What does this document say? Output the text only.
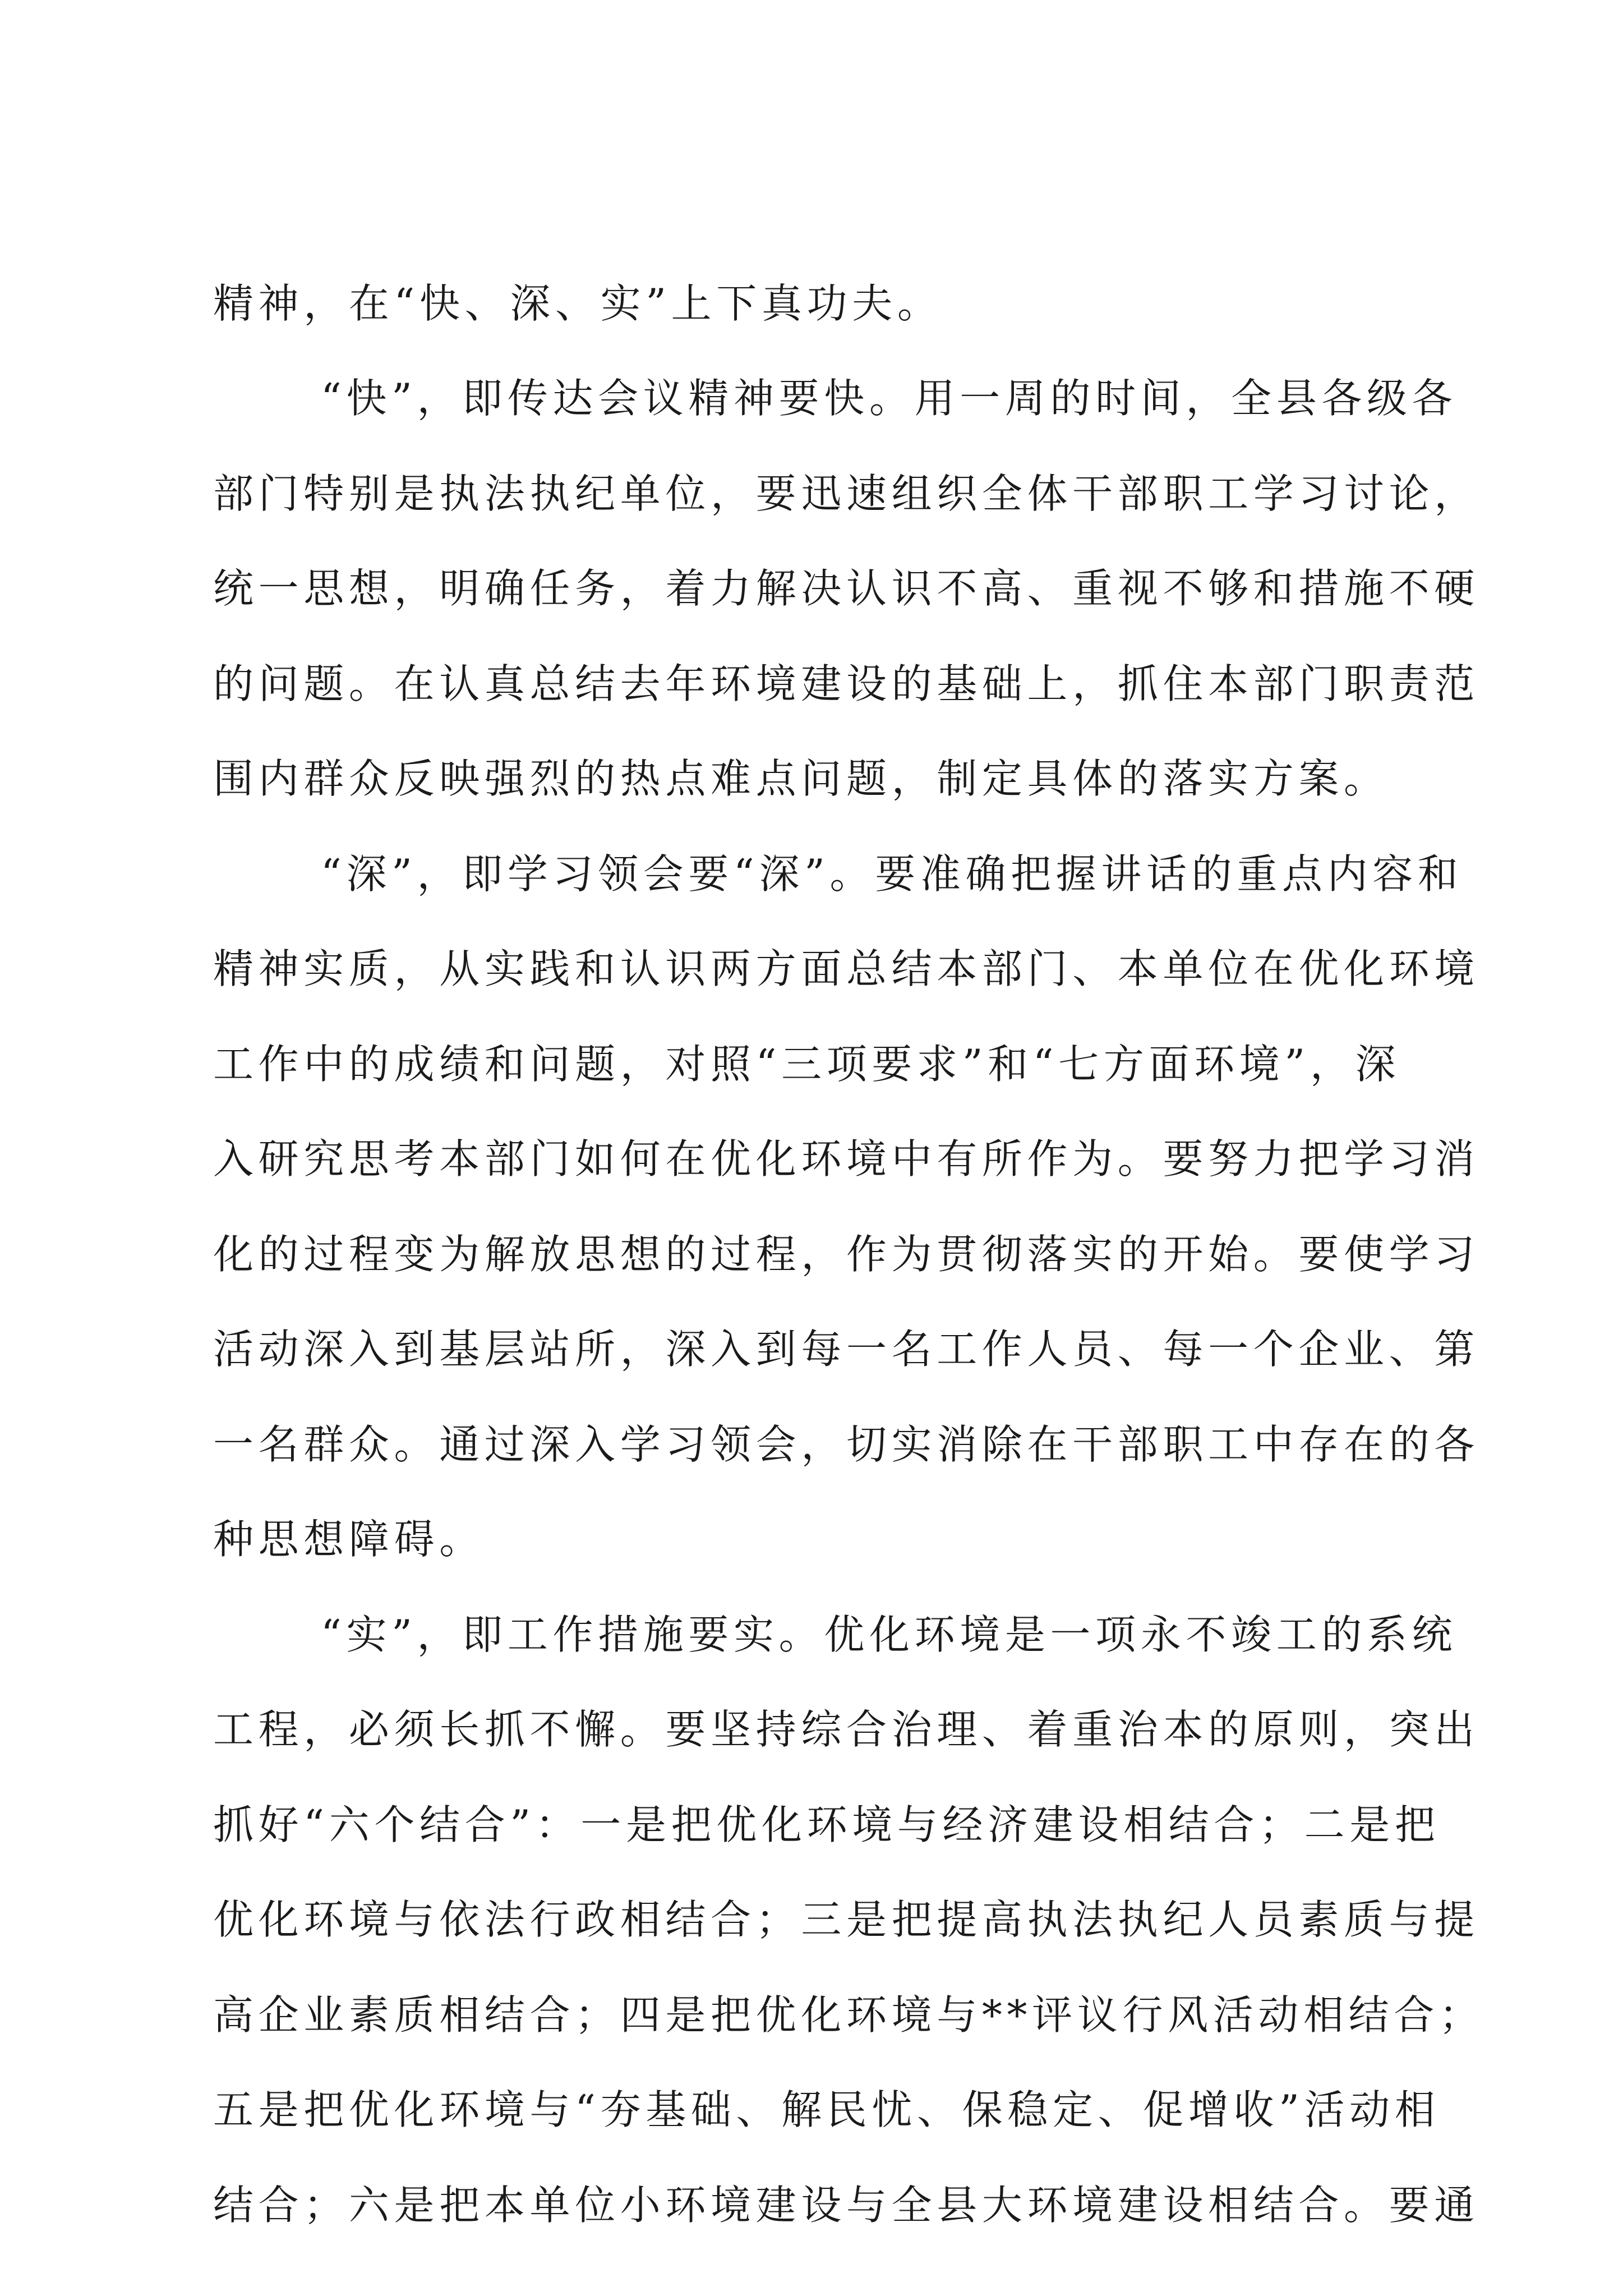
精神，在“快、深、实”上下真功夫。
“快”，即传达会议精神要快。用一周的时间，全县各级各
部门特别是执法执纪单位，要迅速组织全体干部职工学习讨论，
统一思想，明确任务，着力解决认识不高、重视不够和措施不硬
的问题。在认真总结去年环境建设的基础上，抓住本部门职责范
围内群众反映强烈的热点难点问题，制定具体的落实方案。
“深”，即学习领会要“深”。要准确把握讲话的重点内容和
精神实质，从实践和认识两方面总结本部门、本单位在优化环境
工作中的成绩和问题，对照“三项要求”和“七方面环境”，深
入研究思考本部门如何在优化环境中有所作为。要努力把学习消
化的过程变为解放思想的过程，作为贯彻落实的开始。要使学习
活动深入到基层站所，深入到每一名工作人员、每一个企业、第
一名群众。通过深入学习领会，切实消除在干部职工中存在的各
种思想障碍。
“实”，即工作措施要实。优化环境是一项永不竣工的系统
工程，必须长抓不懈。要坚持综合治理、着重治本的原则，突出
抓好“六个结合”：一是把优化环境与经济建设相结合；二是把
优化环境与依法行政相结合；三是把提高执法执纪人员素质与提
高企业素质相结合；四是把优化环境与**评议行风活动相结合；
五是把优化环境与“夯基础、解民忧、保稳定、促增收”活动相
结合；六是把本单位小环境建设与全县大环境建设相结合。要通
